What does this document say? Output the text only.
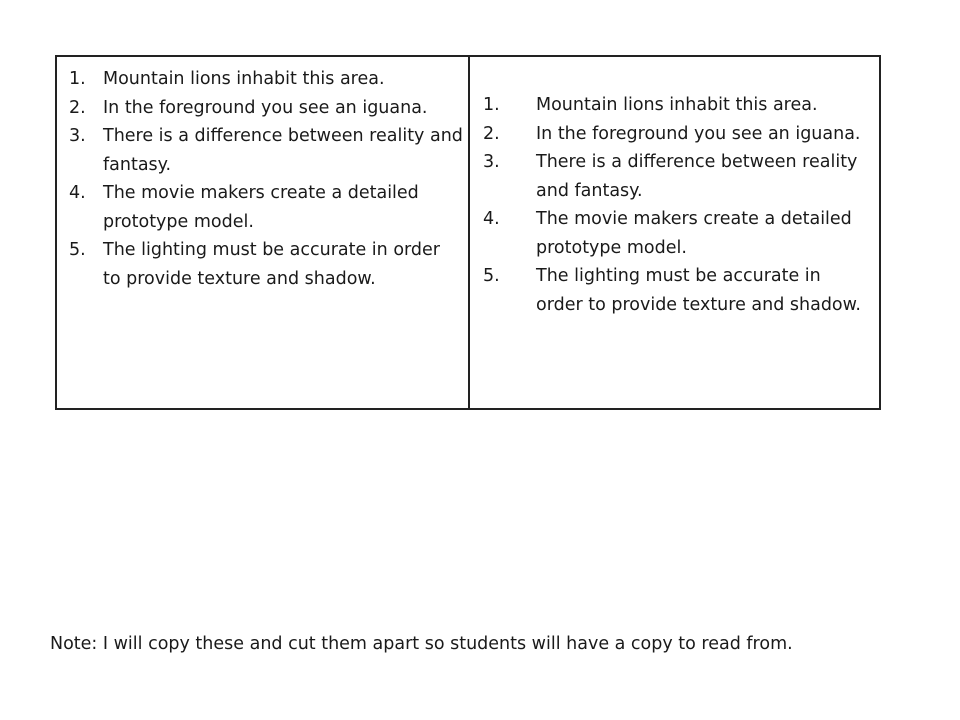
1. Mountain lions inhabit this area.
2. In the foreground you see an iguana.
3. There is a difference between reality and fantasy.
4. The movie makers create a detailed prototype model.
5. The lighting must be accurate in order to provide texture and shadow.
1.	Mountain lions inhabit this area.
2.	In the foreground you see an iguana.
3.	There is a difference between reality and fantasy.
4.	The movie makers create a detailed prototype model.
5.	The lighting must be accurate in order to provide texture and shadow.
Note: I will copy these and cut them apart so students will have a copy to read from.
